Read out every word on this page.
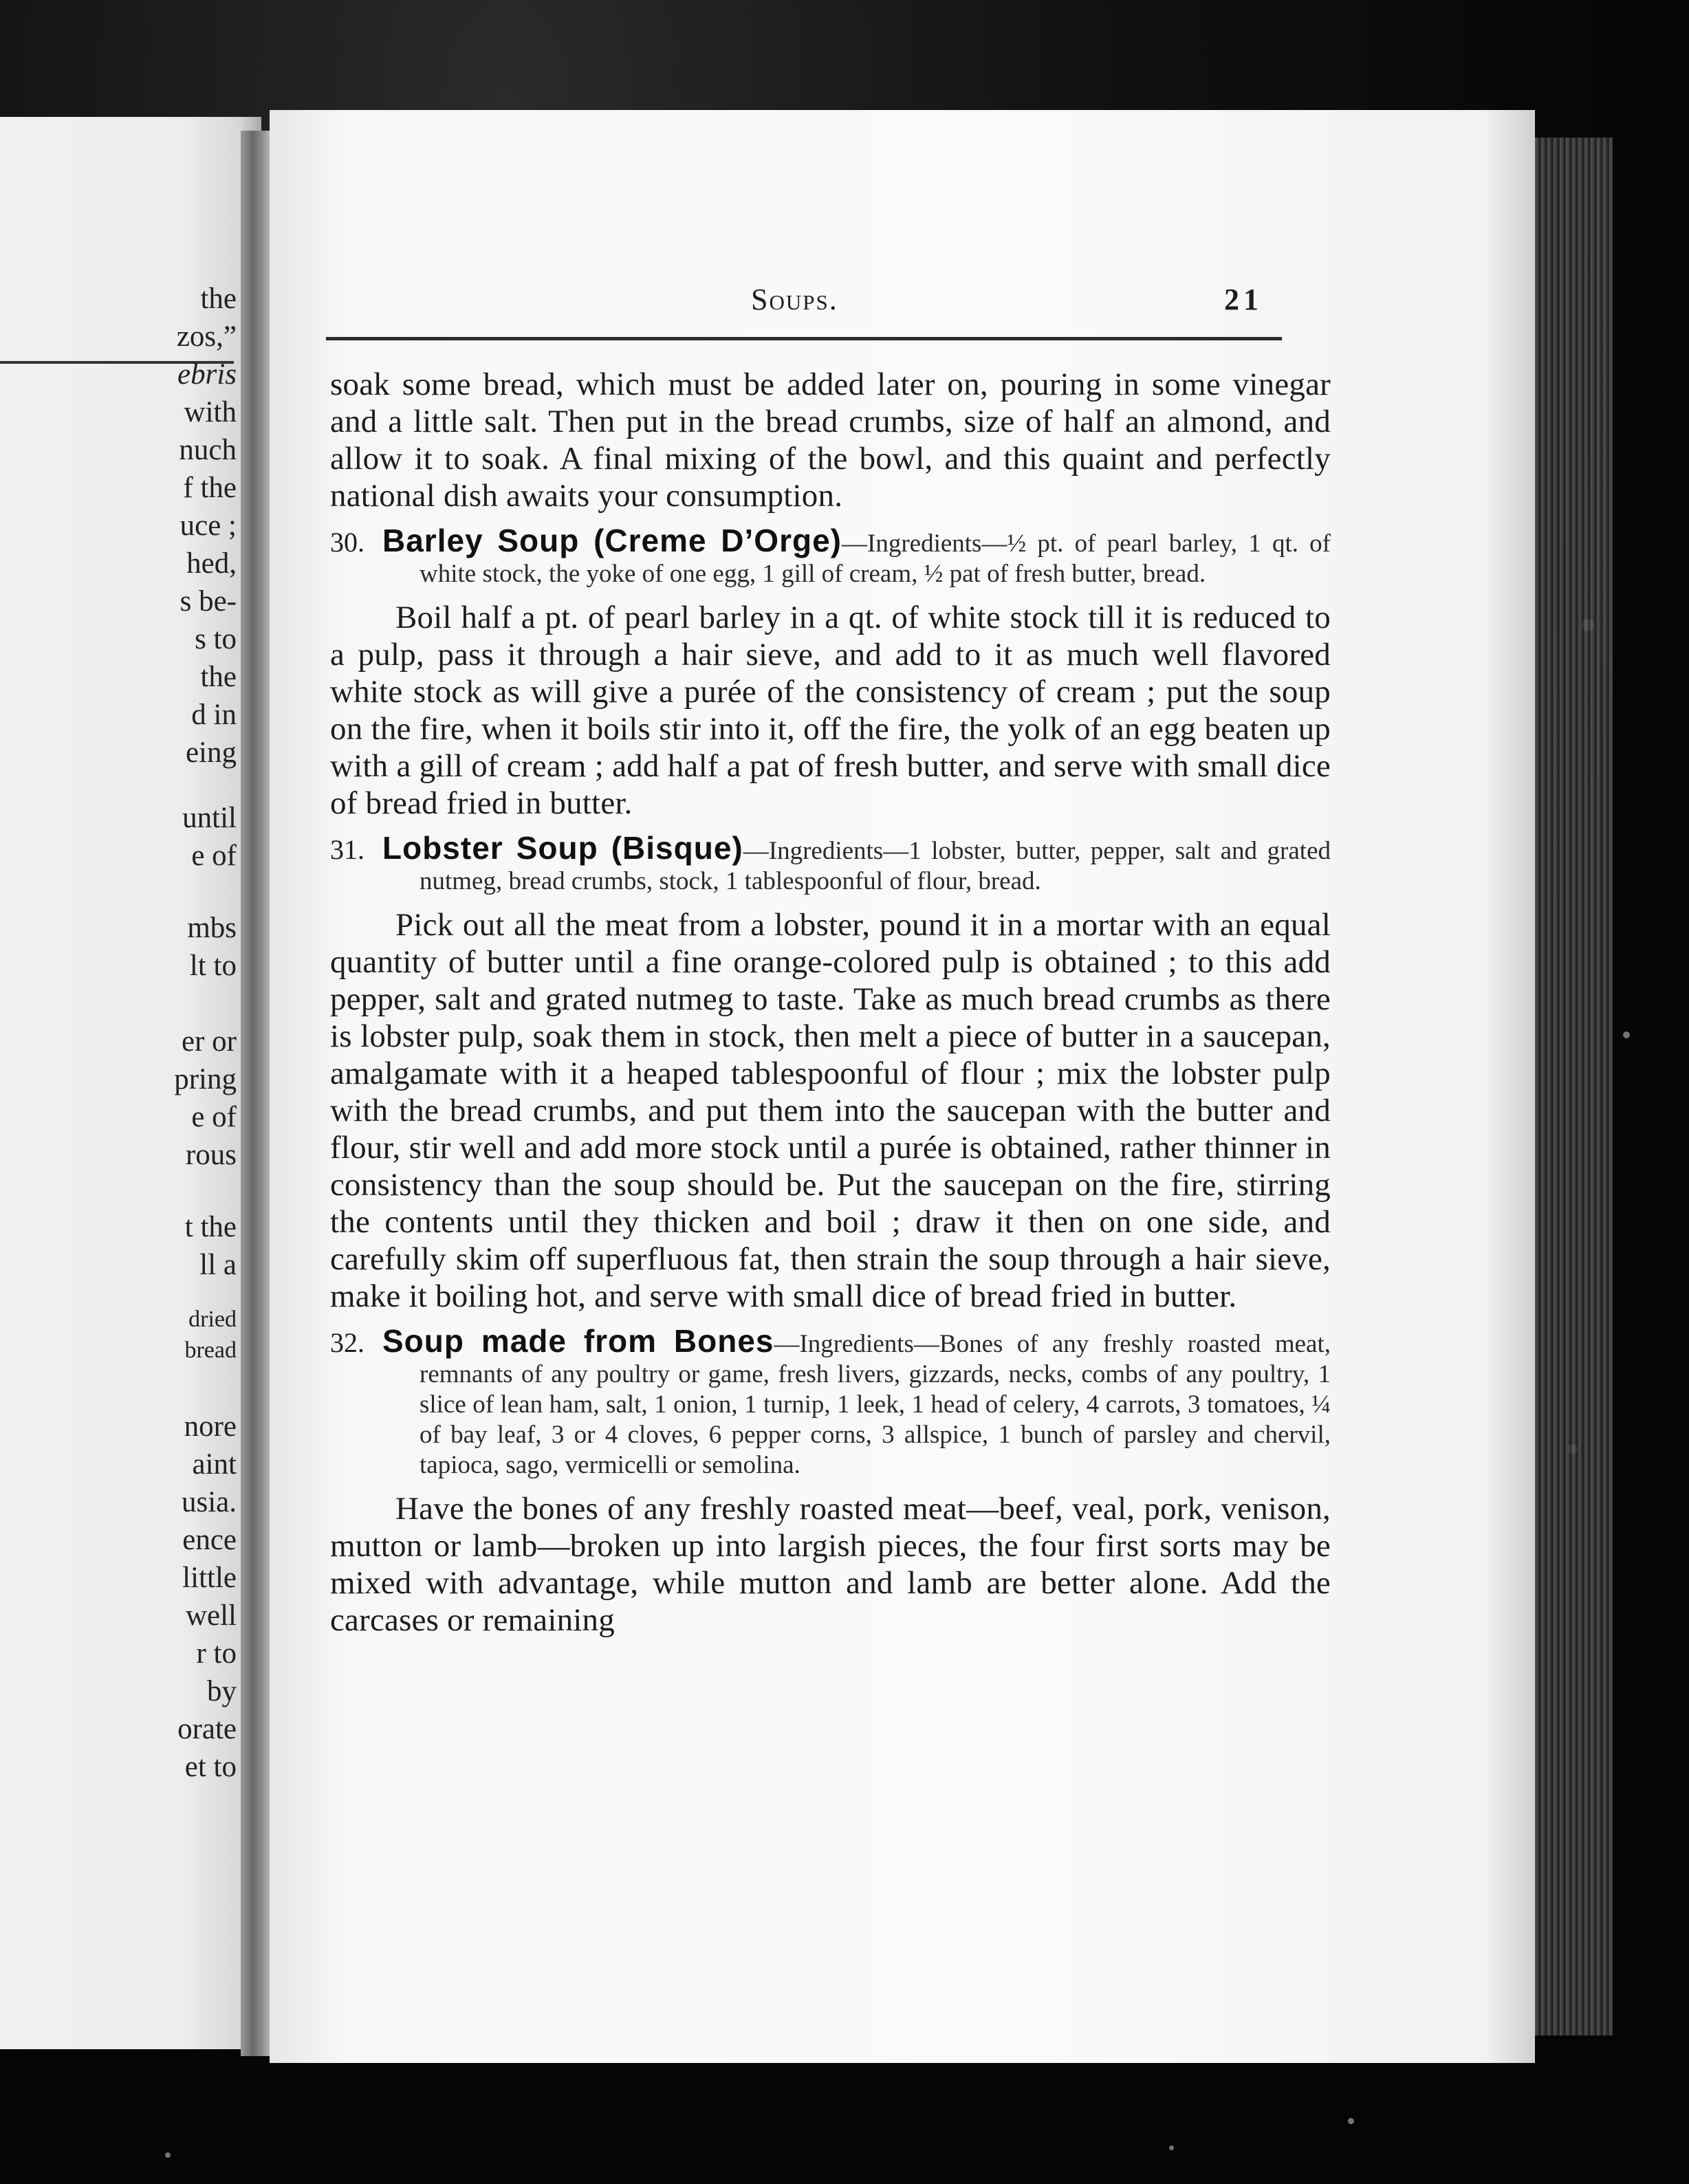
the
zos,”
ebris
with
nuch
f the
uce ;
hed,
s be-
s to
the
d in
eing
until
e of
mbs
lt to
er or
pring
e of
rous
t the
ll a
dried
bread
nore
aint
usia.
ence
little
well
r to
by
orate
et to
Soups.	21

soak some bread, which must be added later on, pouring in some vinegar and a little salt. Then put in the bread crumbs, size of half an almond, and allow it to soak. A final mixing of the bowl, and this quaint and perfectly national dish awaits your consumption.

30. Barley Soup (Creme D’Orge)—Ingredients—½ pt. of pearl barley, 1 qt. of white stock, the yoke of one egg, 1 gill of cream, ½ pat of fresh butter, bread.

Boil half a pt. of pearl barley in a qt. of white stock till it is reduced to a pulp, pass it through a hair sieve, and add to it as much well flavored white stock as will give a purée of the consistency of cream ; put the soup on the fire, when it boils stir into it, off the fire, the yolk of an egg beaten up with a gill of cream ; add half a pat of fresh butter, and serve with small dice of bread fried in butter.

31. Lobster Soup (Bisque)—Ingredients—1 lobster, butter, pepper, salt and grated nutmeg, bread crumbs, stock, 1 tablespoonful of flour, bread.

Pick out all the meat from a lobster, pound it in a mortar with an equal quantity of butter until a fine orange-colored pulp is obtained ; to this add pepper, salt and grated nutmeg to taste. Take as much bread crumbs as there is lobster pulp, soak them in stock, then melt a piece of butter in a saucepan, amalgamate with it a heaped tablespoonful of flour ; mix the lobster pulp with the bread crumbs, and put them into the saucepan with the butter and flour, stir well and add more stock until a purée is obtained, rather thinner in consistency than the soup should be. Put the saucepan on the fire, stirring the contents until they thicken and boil ; draw it then on one side, and carefully skim off superfluous fat, then strain the soup through a hair sieve, make it boiling hot, and serve with small dice of bread fried in butter.

32. Soup made from Bones—Ingredients—Bones of any freshly roasted meat, remnants of any poultry or game, fresh livers, gizzards, necks, combs of any poultry, 1 slice of lean ham, salt, 1 onion, 1 turnip, 1 leek, 1 head of celery, 4 carrots, 3 tomatoes, ¼ of bay leaf, 3 or 4 cloves, 6 pepper corns, 3 allspice, 1 bunch of parsley and chervil, tapioca, sago, vermicelli or semolina.

Have the bones of any freshly roasted meat—beef, veal, pork, venison, mutton or lamb—broken up into largish pieces, the four first sorts may be mixed with advantage, while mutton and lamb are better alone. Add the carcases or remaining
